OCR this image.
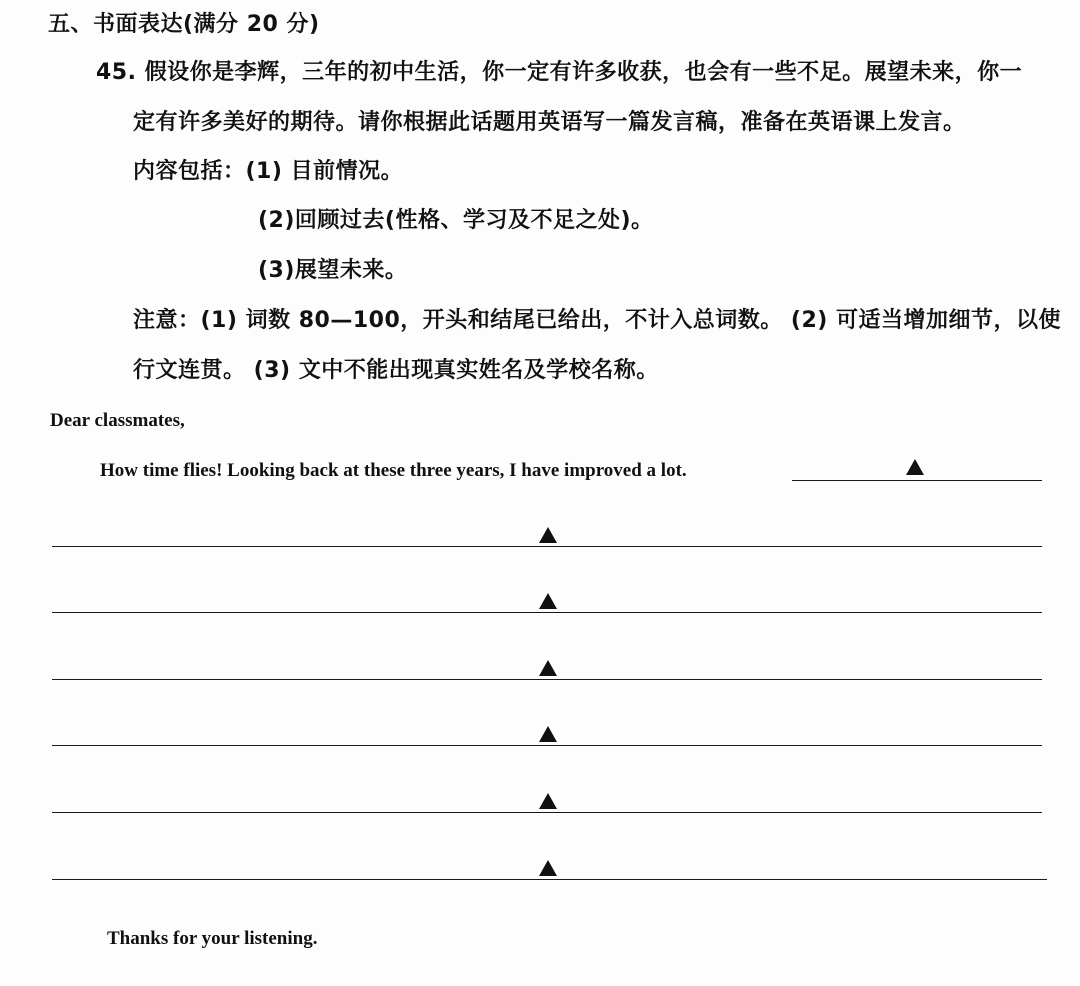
五、书面表达(满分 20 分)
45. 假设你是李辉，三年的初中生活，你一定有许多收获，也会有一些不足。展望未来，你一
定有许多美好的期待。请你根据此话题用英语写一篇发言稿，准备在英语课上发言。
内容包括：(1) 目前情况。
(2)回顾过去(性格、学习及不足之处)。
(3)展望未来。
注意：(1) 词数 80—100，开头和结尾已给出，不计入总词数。 (2) 可适当增加细节，以使
行文连贯。 (3) 文中不能出现真实姓名及学校名称。
Dear classmates,
How time flies! Looking back at these three years, I have improved a lot.
Thanks for your listening.
